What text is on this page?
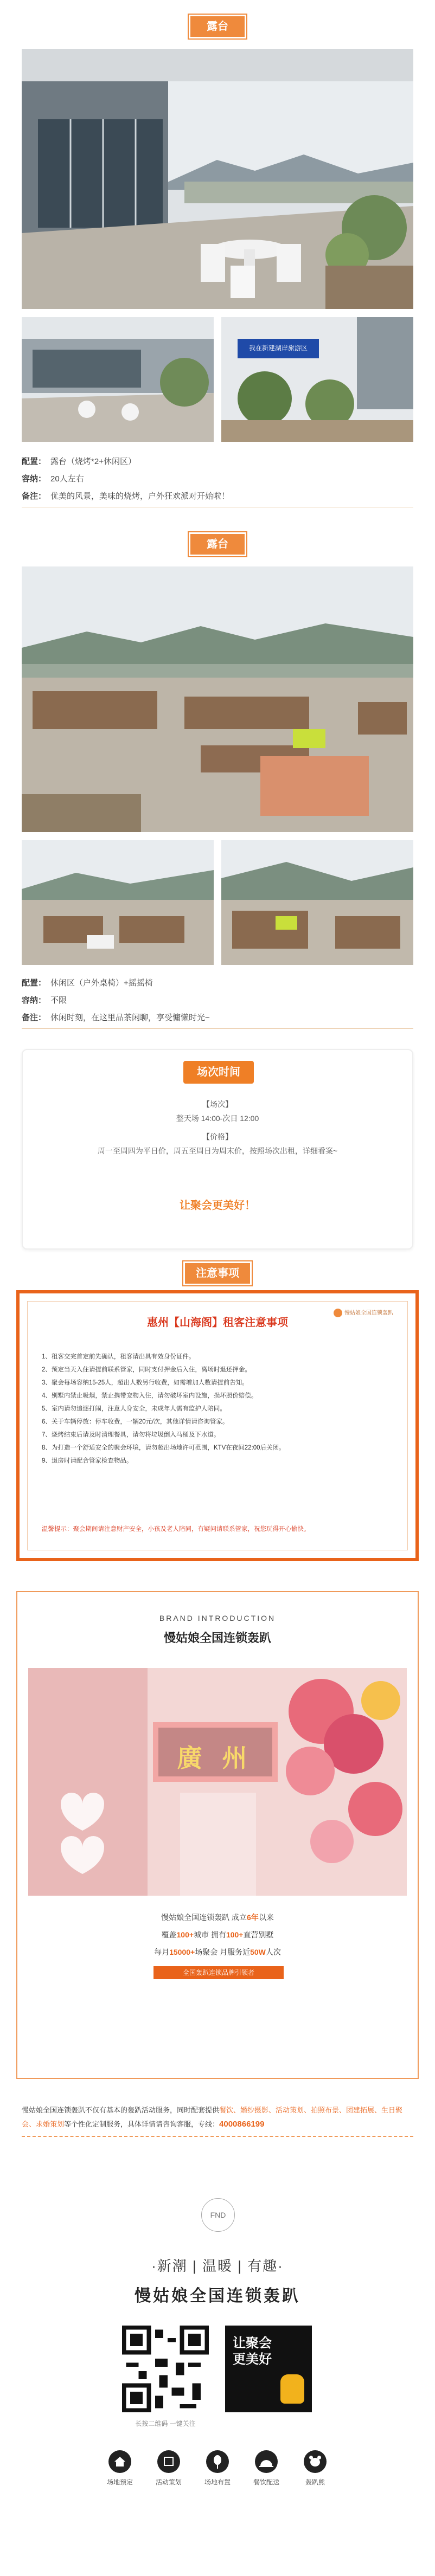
露台
我在新建湖岸旅游区
配置： 露台（烧烤*2+休闲区）
容纳： 20人左右
备注： 优美的风景，美味的烧烤，户外狂欢派对开始啦！
露台
配置： 休闲区（户外桌椅）+摇摇椅
容纳： 不限
备注： 休闲时刻，在这里品茶闲聊，享受慵懒时光~
场次时间

【场次】

整天场 14:00-次日 12:00

【价格】

周一至周四为平日价，周五至周日为周末价，按照场次出租，详细看案~

让聚会更美好！

注意事项
慢姑娘全国连锁轰趴
惠州【山海阁】租客注意事项
1、租客交完首定前先确认，租客请出具有效身份证件。
2、预定当天入住请提前联系管家，同时支付押金后入住，离场时退还押金。
3、聚会每场容纳15-25人，超出人数另行收费，如需增加人数请提前告知。
4、别墅内禁止吸烟，禁止携带宠物入住，请勿破坏室内设施，损坏照价赔偿。
5、室内请勿追逐打闹，注意人身安全，未成年人需有监护人陪同。
6、关于车辆停放：停车收费，一辆20元/次，其他详情请咨询管家。
7、烧烤结束后请及时清理餐具，请勿将垃圾倒入马桶及下水道。
8、为打造一个舒适安全的聚会环境，请勿超出场地许可范围，KTV在夜间22:00后关闭。
9、退房时请配合管家检查物品。
温馨提示：聚会期间请注意财产安全，小孩及老人陪同，有疑问请联系管家，祝您玩得开心愉快。
BRAND INTRODUCTION
慢姑娘全国连锁轰趴
廣 州
慢姑娘全国连锁轰趴 成立6年以来
覆盖100+城市 拥有100+直营别墅
每月15000+场聚会 月服务近50W人次
全国轰趴连锁品牌引领者
慢姑娘全国连锁轰趴不仅有基本的轰趴活动服务，同时配套提供餐饮、婚纱摄影、活动策划、拍照布景、团建拓展、生日聚会、求婚策划等个性化定制服务，具体详情请咨询客服，专线：4000866199
FND
·新潮 | 温暖 | 有趣·
慢姑娘全国连锁轰趴
让聚会更美好
长按二维码 一键关注
场地预定	活动策划	场地布置	餐饮配送	轰趴熊
